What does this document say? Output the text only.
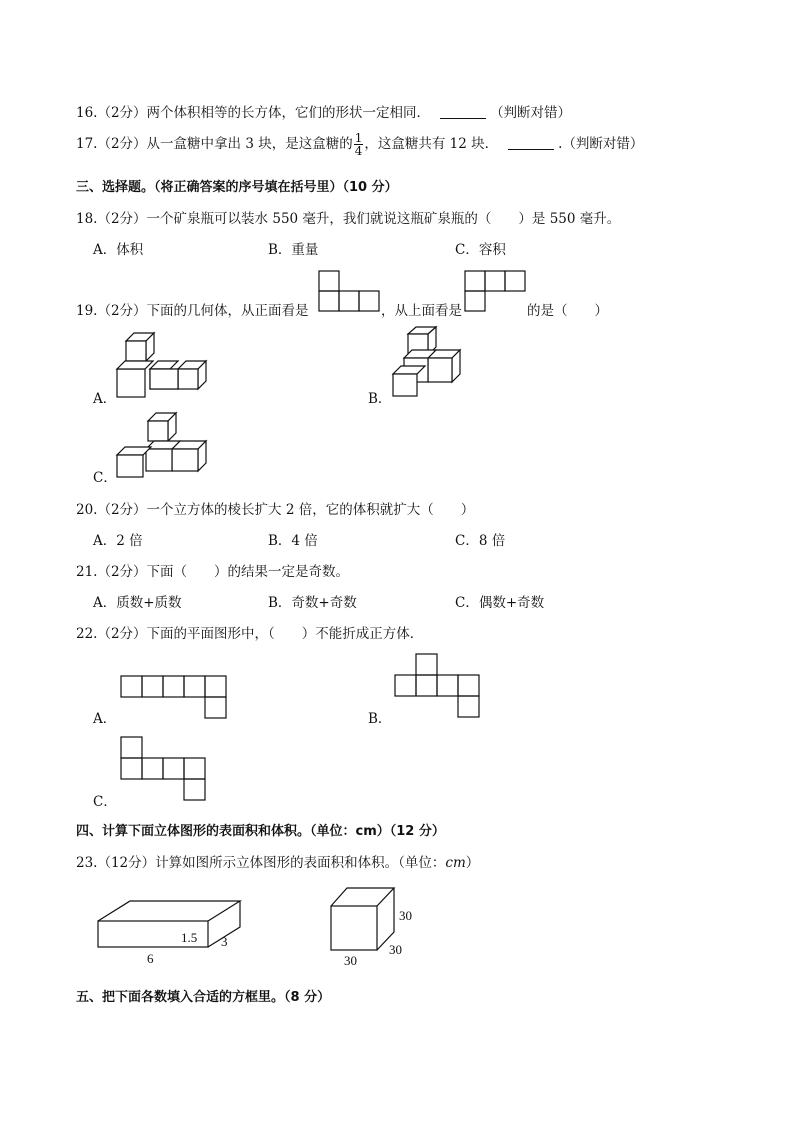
16.（2分）两个体积相等的长方体，它们的形状一定相同．	（判断对错）
17.（2分）从一盒糖中拿出 3 块，是这盒糖的 $\frac{1}{4}$ ，这盒糖共有 12 块．	.（判断对错）
三、选择题。（将正确答案的序号填在括号里）（10 分）
18.（2分）一个矿泉瓶可以装水 550 毫升，我们就说这瓶矿泉瓶的（　　）是 550 毫升。
A．体积	B．重量	C．容积
19.（2分）下面的几何体，从正面看是	，从上面看是	的是（　　）
A．	B．
C．
20.（2分）一个立方体的棱长扩大 2 倍，它的体积就扩大（　　）
A．2 倍	B．4 倍	C．8 倍
21.（2分）下面（　　）的结果一定是奇数。
A．质数+质数	B．奇数+奇数	C．偶数+奇数
22.（2分）下面的平面图形中，（　　）不能折成正方体．
A．	B．
C．
四、计算下面立体图形的表面积和体积。（单位：cm）（12 分）
23.（12分）计算如图所示立体图形的表面积和体积。（单位：cm）
1.5 3
6
30
30
30
五、把下面各数填入合适的方框里。（8 分）
